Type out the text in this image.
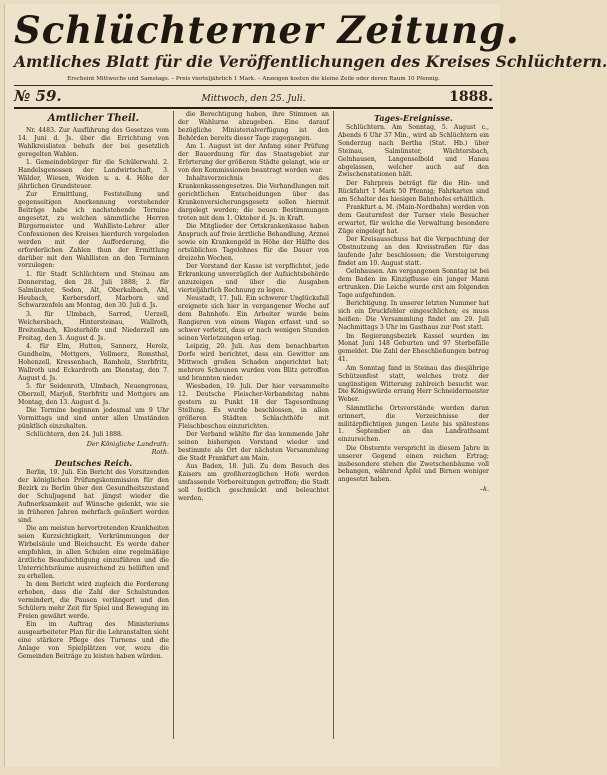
Schlüchterner Zeitung.
Amtliches Blatt für die Veröffentlichungen des Kreises Schlüchtern.
Erscheint Mittwochs und Samstags. – Preis vierteljährlich 1 Mark. – Anzeigen kosten die kleine Zeile oder deren Raum 10 Pfennig.
№ 59.	Mittwoch, den 25. Juli.	1888.
Amtlicher Theil.

Nr. 4483. Zur Ausführung des Gesetzes vom 14. Juni d. Js. über die Errichtung von Wahlkreislisten behufs der bei gesetzlich geregelten Wahlen.

1. Gemeindebürger für die Schülerwahl. 2. Handelsgenossen der Landwirtschaft, 3. Wälder, Wiesen, Weiden u. a. 4. Höhe der jährlichen Grundsteuer.

Zur Ermittlung, Feststellung und gegenseitigen Anerkennung vorstehender Beiträge habe ich nachstehende Termine angesetzt, zu welchen sämmtliche Herren Bürgermeister und Wahlliste-Lehrer aller Confessionen des Kreises hierdurch vorgeladen werden mit der Aufforderung, die erforderlichen Zahlen thun der Ermittlung darüber mit den Wahllisten an den Terminen vorzulegen:

1. für Stadt Schlüchtern und Steinau am Donnerstag, den 28. Juli 1888; 2. für Salmünster, Soden, Alt, Oberkalbach, Ahl, Heubach, Kerbersdorf, Marborn und Schwarzenfels am Montag, den 30. Juli d. Js.

3. für Ulmbach, Sarrod, Uerzell, Weichersbach, Hintersteinau, Wallroth, Breitenbach, Klosterhöfe und Niederzell am Freitag, den 3. August d. Js.

4. für Elm, Hutten, Sannerz, Herolz, Gundhelm, Mottgers, Vollmerz, Romsthal, Hohenzell, Kressenbach, Ramholz, Sterbfritz, Wallroth und Eckardroth am Dienstag, den 7. August d. Js.

5. für Seidenroth, Ulmbach, Neuengronau, Oberzell, Marjoß, Sterbfritz und Mottgers am Montag, den 13. August d. Js.

Die Termine beginnen jedesmal um 9 Uhr Vormittags und sind unter allen Umständen pünktlich einzuhalten.

Schlüchtern, den 24. Juli 1888.

Der Königliche Landrath:

Roth.

Deutsches Reich.

Berlin, 19. Juli. Ein Bericht des Vorsitzenden der königlichen Prüfungskommission für den Bezirk zu Berlin über den Gesundheitszustand der Schuljugend hat jüngst wieder die Aufmerksamkeit auf Wünsche gelenkt, wie sie in früheren Jahren mehrfach geäußert worden sind.

Die am meisten hervortretenden Krankheiten seien Kurzsichtigkeit, Verkrümmungen der Wirbelsäule und Bleichsucht. Es werde daher empfohlen, in allen Schulen eine regelmäßige ärztliche Beaufsichtigung einzuführen und die Unterrichtsräume ausreichend zu belüften und zu erhellen.

In dem Bericht wird zugleich die Forderung erhoben, dass die Zahl der Schulstunden vermindert, die Pausen verlängert und den Schülern mehr Zeit für Spiel und Bewegung im Freien gewährt werde.

Ein im Auftrag des Ministeriums ausgearbeiteter Plan für die Lehranstalten sieht eine stärkere Pflege des Turnens und die Anlage von Spielplätzen vor, wozu die Gemeinden Beiträge zu leisten haben würden.

die Berechtigung haben, ihre Stimmen an der Wahlurne abzugeben. Eine darauf bezügliche Ministerialverfügung ist den Behörden bereits dieser Tage zugegangen.

Am 1. August ist der Anfang einer Prüfung der Bauordnung für das Staatsgebiet zur Erörterung der größeren Städte gelangt, wie er von den Kommissionen beantragt worden war.

Inhaltsverzeichnis des Krankenkassengesetzes. Die Verhandlungen mit gerichtlichen Entscheidungen über das Krankenversicherungsgesetz sollen hiermit dargelegt werden; die neuen Bestimmungen treten mit dem 1. Oktober d. Js. in Kraft.

Die Mitglieder der Ortskrankenkasse haben Anspruch auf freie ärztliche Behandlung, Arznei sowie ein Krankengeld in Höhe der Hälfte des ortsüblichen Tagelohnes für die Dauer von dreizehn Wochen.

Der Vorstand der Kasse ist verpflichtet, jede Erkrankung unverzüglich der Aufsichtsbehörde anzuzeigen und über die Ausgaben vierteljährlich Rechnung zu legen.

Neustadt, 17. Juli. Ein schwerer Unglücksfall ereignete sich hier in vergangener Woche auf dem Bahnhofe. Ein Arbeiter wurde beim Rangieren von einem Wagen erfasst und so schwer verletzt, dass er nach wenigen Stunden seinen Verletzungen erlag.

Leipzig, 20. Juli. Aus dem benachbarten Dorfe wird berichtet, dass ein Gewitter am Mittwoch großen Schaden angerichtet hat; mehrere Scheunen wurden vom Blitz getroffen und brannten nieder.

Wiesbaden, 19. Juli. Der hier versammelte 12. Deutsche Fleischer-Verbandstag nahm gestern zu Punkt 18 der Tagesordnung Stellung. Es wurde beschlossen, in allen größeren Städten Schlachthöfe mit Fleischbeschau einzurichten.

Der Verband wählte für das kommende Jahr seinen bisherigen Vorstand wieder und bestimmte als Ort der nächsten Versammlung die Stadt Frankfurt am Main.

Aus Baden, 18. Juli. Zu dem Besuch des Kaisers am großherzoglichen Hofe werden umfassende Vorbereitungen getroffen; die Stadt soll festlich geschmückt und beleuchtet werden.

Tages-Ereignisse.

Schlüchtern. Am Sonntag, 5. August c., Abends 6 Uhr 37 Min., wird ab Schlüchtern ein Sonderzug nach Bertha (Stat. Hb.) über Steinau, Salmünster, Wächtersbach, Gelnhausen, Langenselbold und Hanau abgelassen, welcher auch auf den Zwischenstationen hält.

Der Fahrpreis beträgt für die Hin- und Rückfahrt 1 Mark 50 Pfennig; Fahrkarten sind am Schalter des hiesigen Bahnhofes erhältlich.

Frankfurt a. M. (Main-Nordbahn) werden von dem Gauturnfest der Turner viele Besucher erwartet, für welche die Verwaltung besondere Züge eingelegt hat.

Der Kreisausschuss hat die Verpachtung der Obstnutzung an den Kreisstraßen für das laufende Jahr beschlossen; die Versteigerung findet am 10. August statt.

Gelnhausen. Am vergangenen Sonntag ist bei dem Baden im Kinzigflusse ein junger Mann ertrunken. Die Leiche wurde erst am folgenden Tage aufgefunden.

Berichtigung. In unserer letzten Nummer hat sich ein Druckfehler eingeschlichen; es muss heißen: Die Versammlung findet am 29. Juli Nachmittags 3 Uhr im Gasthaus zur Post statt.

Im Regierungsbezirk Kassel wurden im Monat Juni 148 Geburten und 97 Sterbefälle gemeldet. Die Zahl der Eheschließungen betrug 41.

Am Sonntag fand in Steinau das diesjährige Schützenfest statt, welches trotz der ungünstigen Witterung zahlreich besucht war. Die Königswürde errang Herr Schneidermeister Weber.

Sämmtliche Ortsvorstände werden daran erinnert, die Verzeichnisse der militärpflichtigen jungen Leute bis spätestens 1. September an das Landrathsamt einzureichen.

Die Obsternte verspricht in diesem Jahre in unserer Gegend einen reichen Ertrag; insbesondere stehen die Zwetschenbäume voll behangen, während Äpfel und Birnen weniger angesetzt haben.

–k.
